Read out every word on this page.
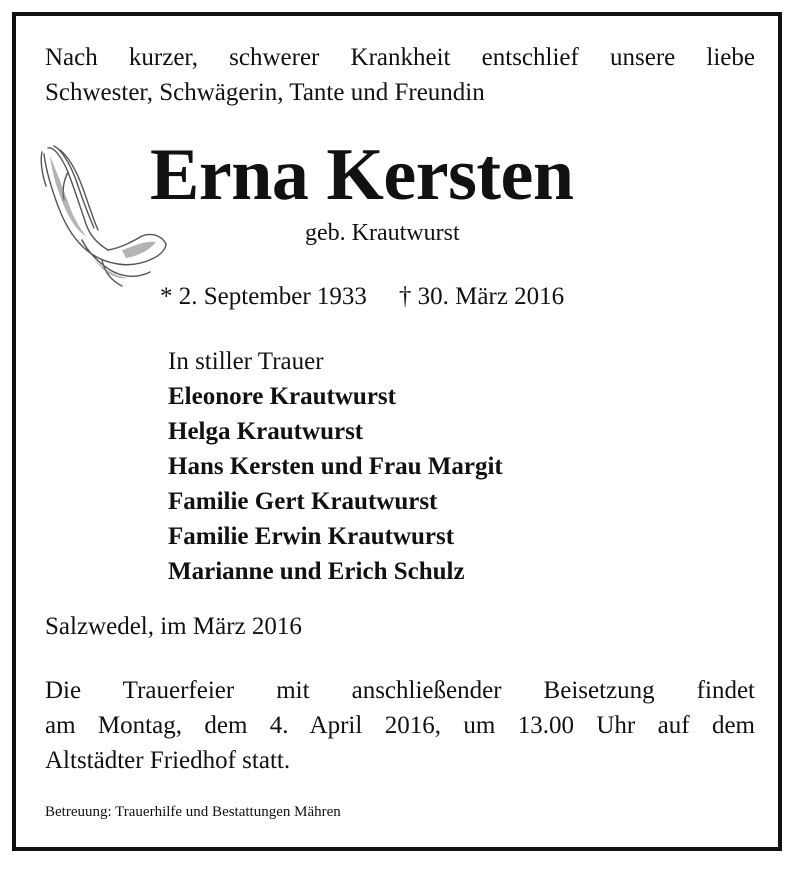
Nach kurzer, schwerer Krankheit entschlief unsere liebe
Schwester, Schwägerin, Tante und Freundin
Erna Kersten
geb. Krautwurst
* 2. September 1933 † 30. März 2016
In stiller Trauer
Eleonore Krautwurst
Helga Krautwurst
Hans Kersten und Frau Margit
Familie Gert Krautwurst
Familie Erwin Krautwurst
Marianne und Erich Schulz
Salzwedel, im März 2016
Die Trauerfeier mit anschließender Beisetzung findet
am Montag, dem 4. April 2016, um 13.00 Uhr auf dem
Altstädter Friedhof statt.
Betreuung: Trauerhilfe und Bestattungen Mähren
